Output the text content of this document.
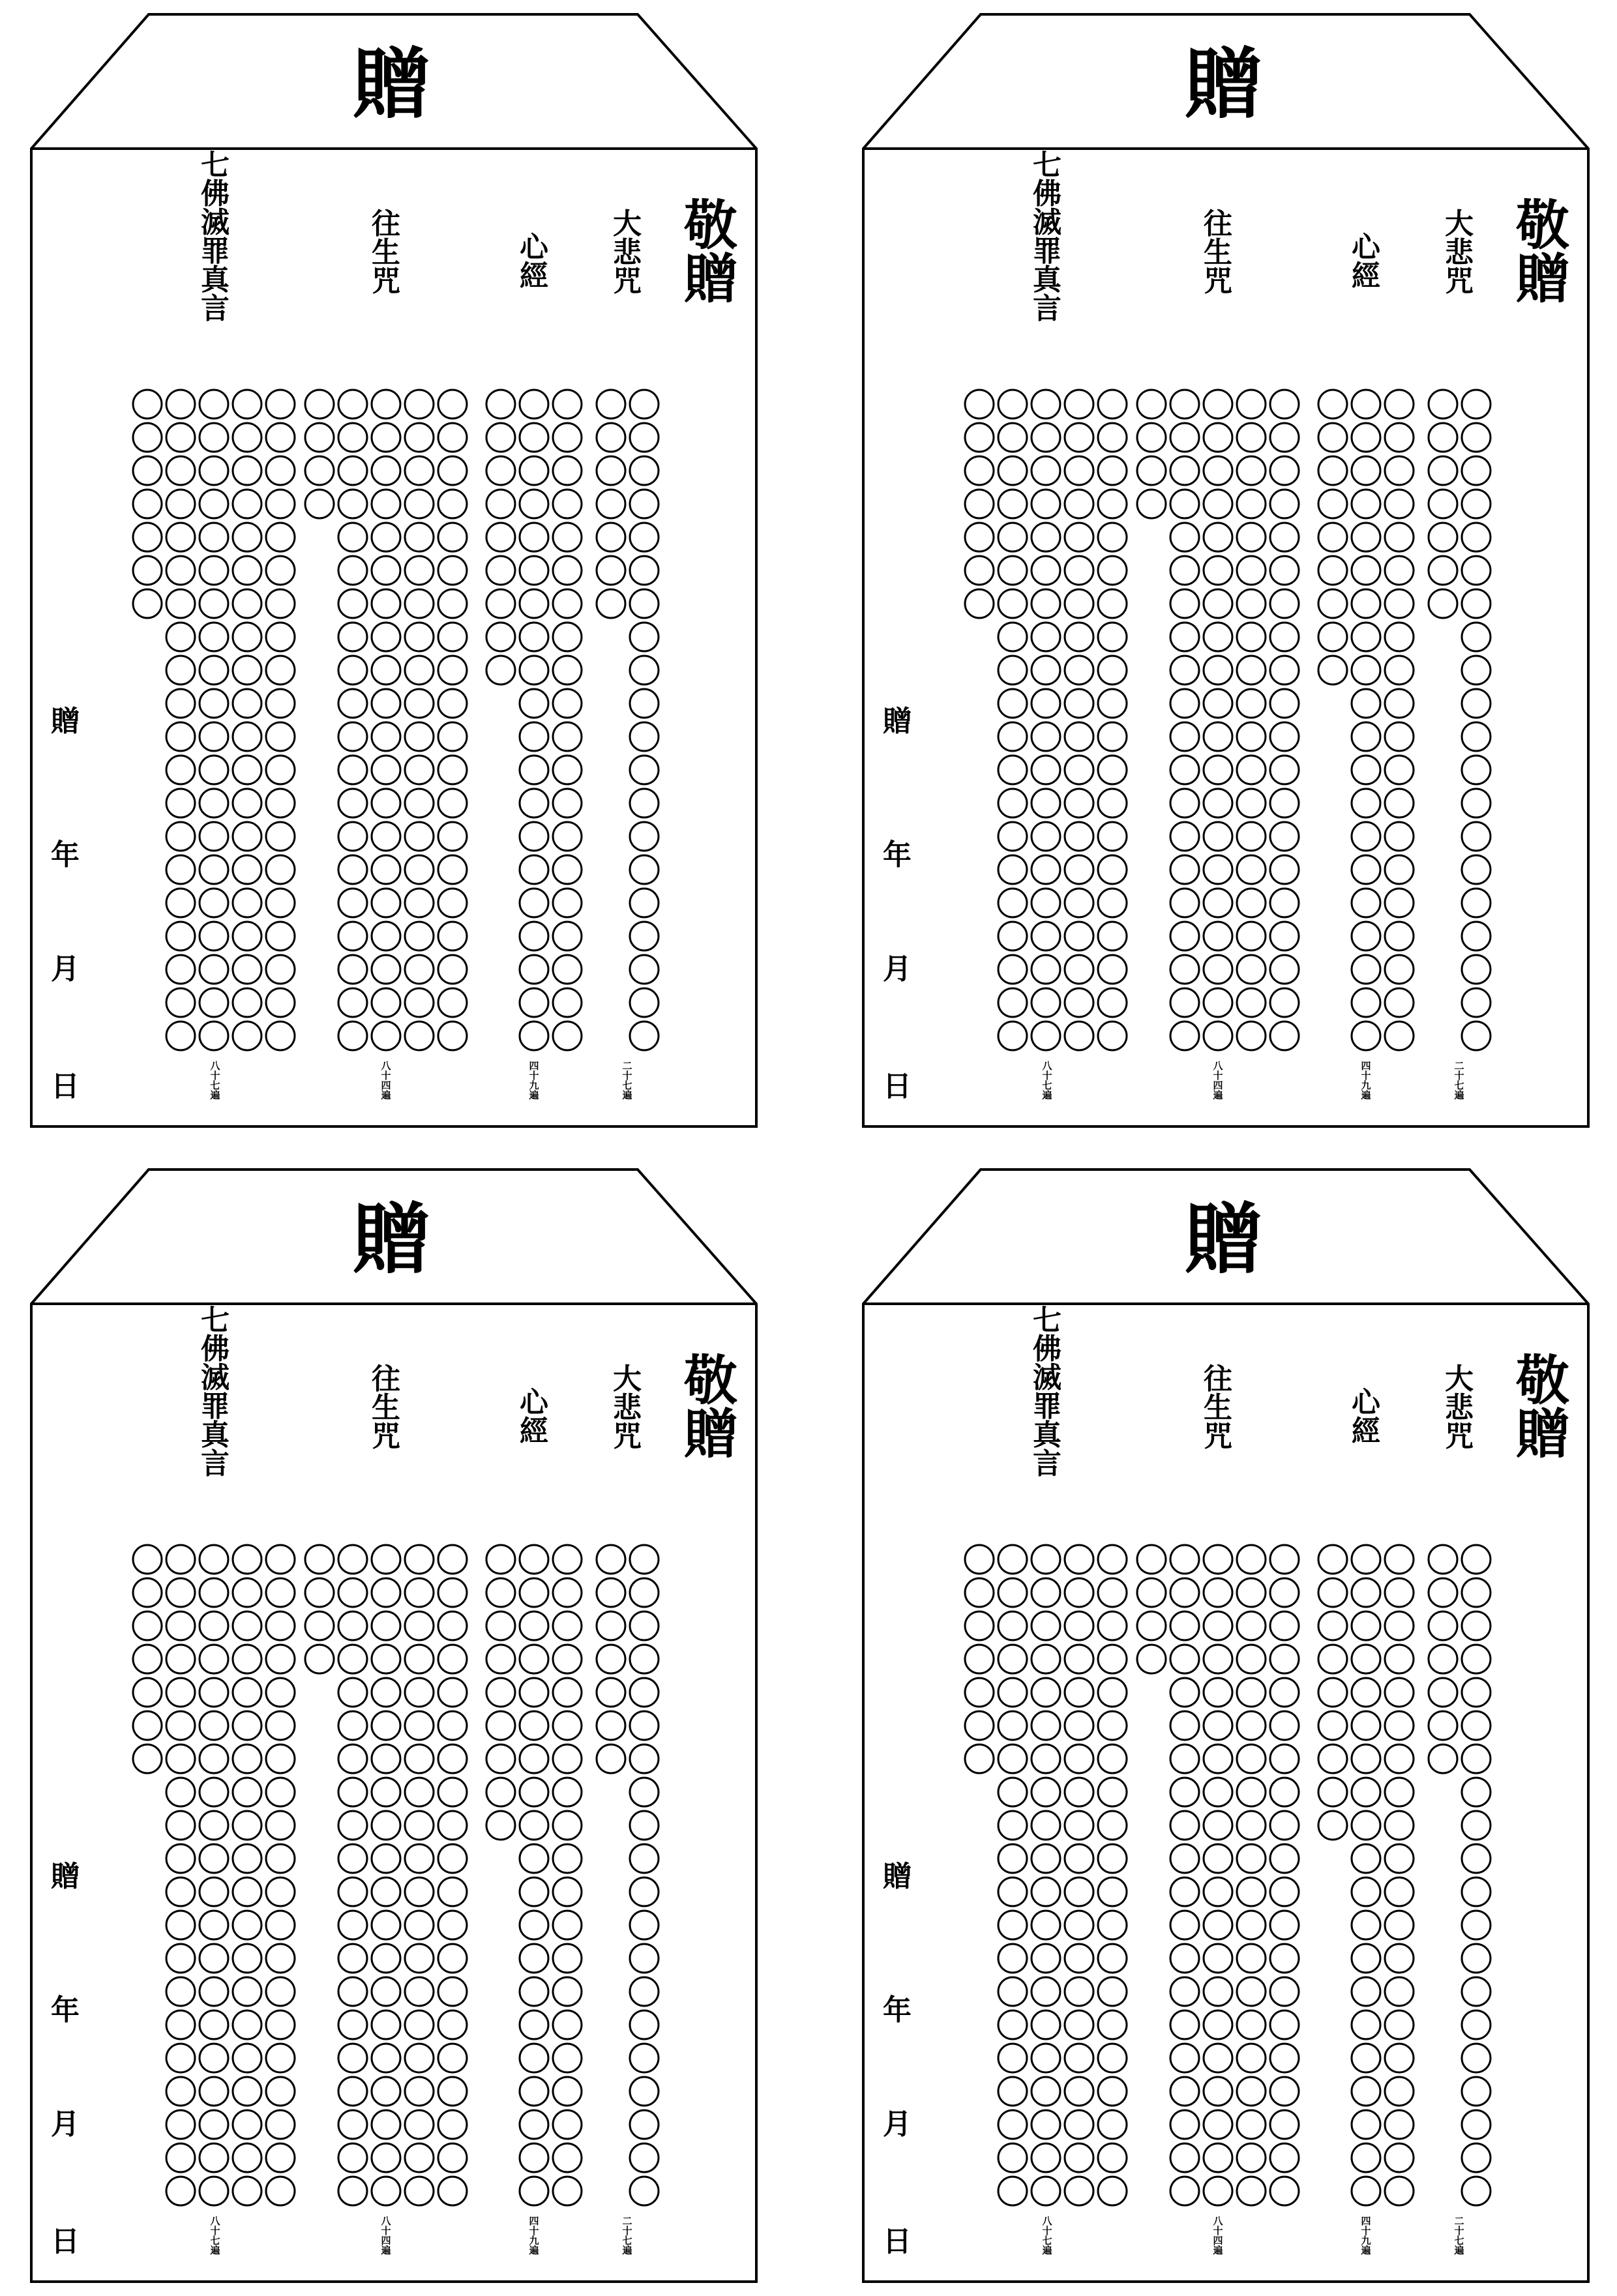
贈
敬
贈
七
佛
滅
罪
真
言
八
十
七
遍
往
生
咒
八
十
四
遍
心
經
四
十
九
遍
大
悲
咒
二
十
七
遍
贈
年
月
日
贈
敬
贈
七
佛
滅
罪
真
言
八
十
七
遍
往
生
咒
八
十
四
遍
心
經
四
十
九
遍
大
悲
咒
二
十
七
遍
贈
年
月
日
贈
敬
贈
七
佛
滅
罪
真
言
八
十
七
遍
往
生
咒
八
十
四
遍
心
經
四
十
九
遍
大
悲
咒
二
十
七
遍
贈
年
月
日
贈
敬
贈
七
佛
滅
罪
真
言
八
十
七
遍
往
生
咒
八
十
四
遍
心
經
四
十
九
遍
大
悲
咒
二
十
七
遍
贈
年
月
日
